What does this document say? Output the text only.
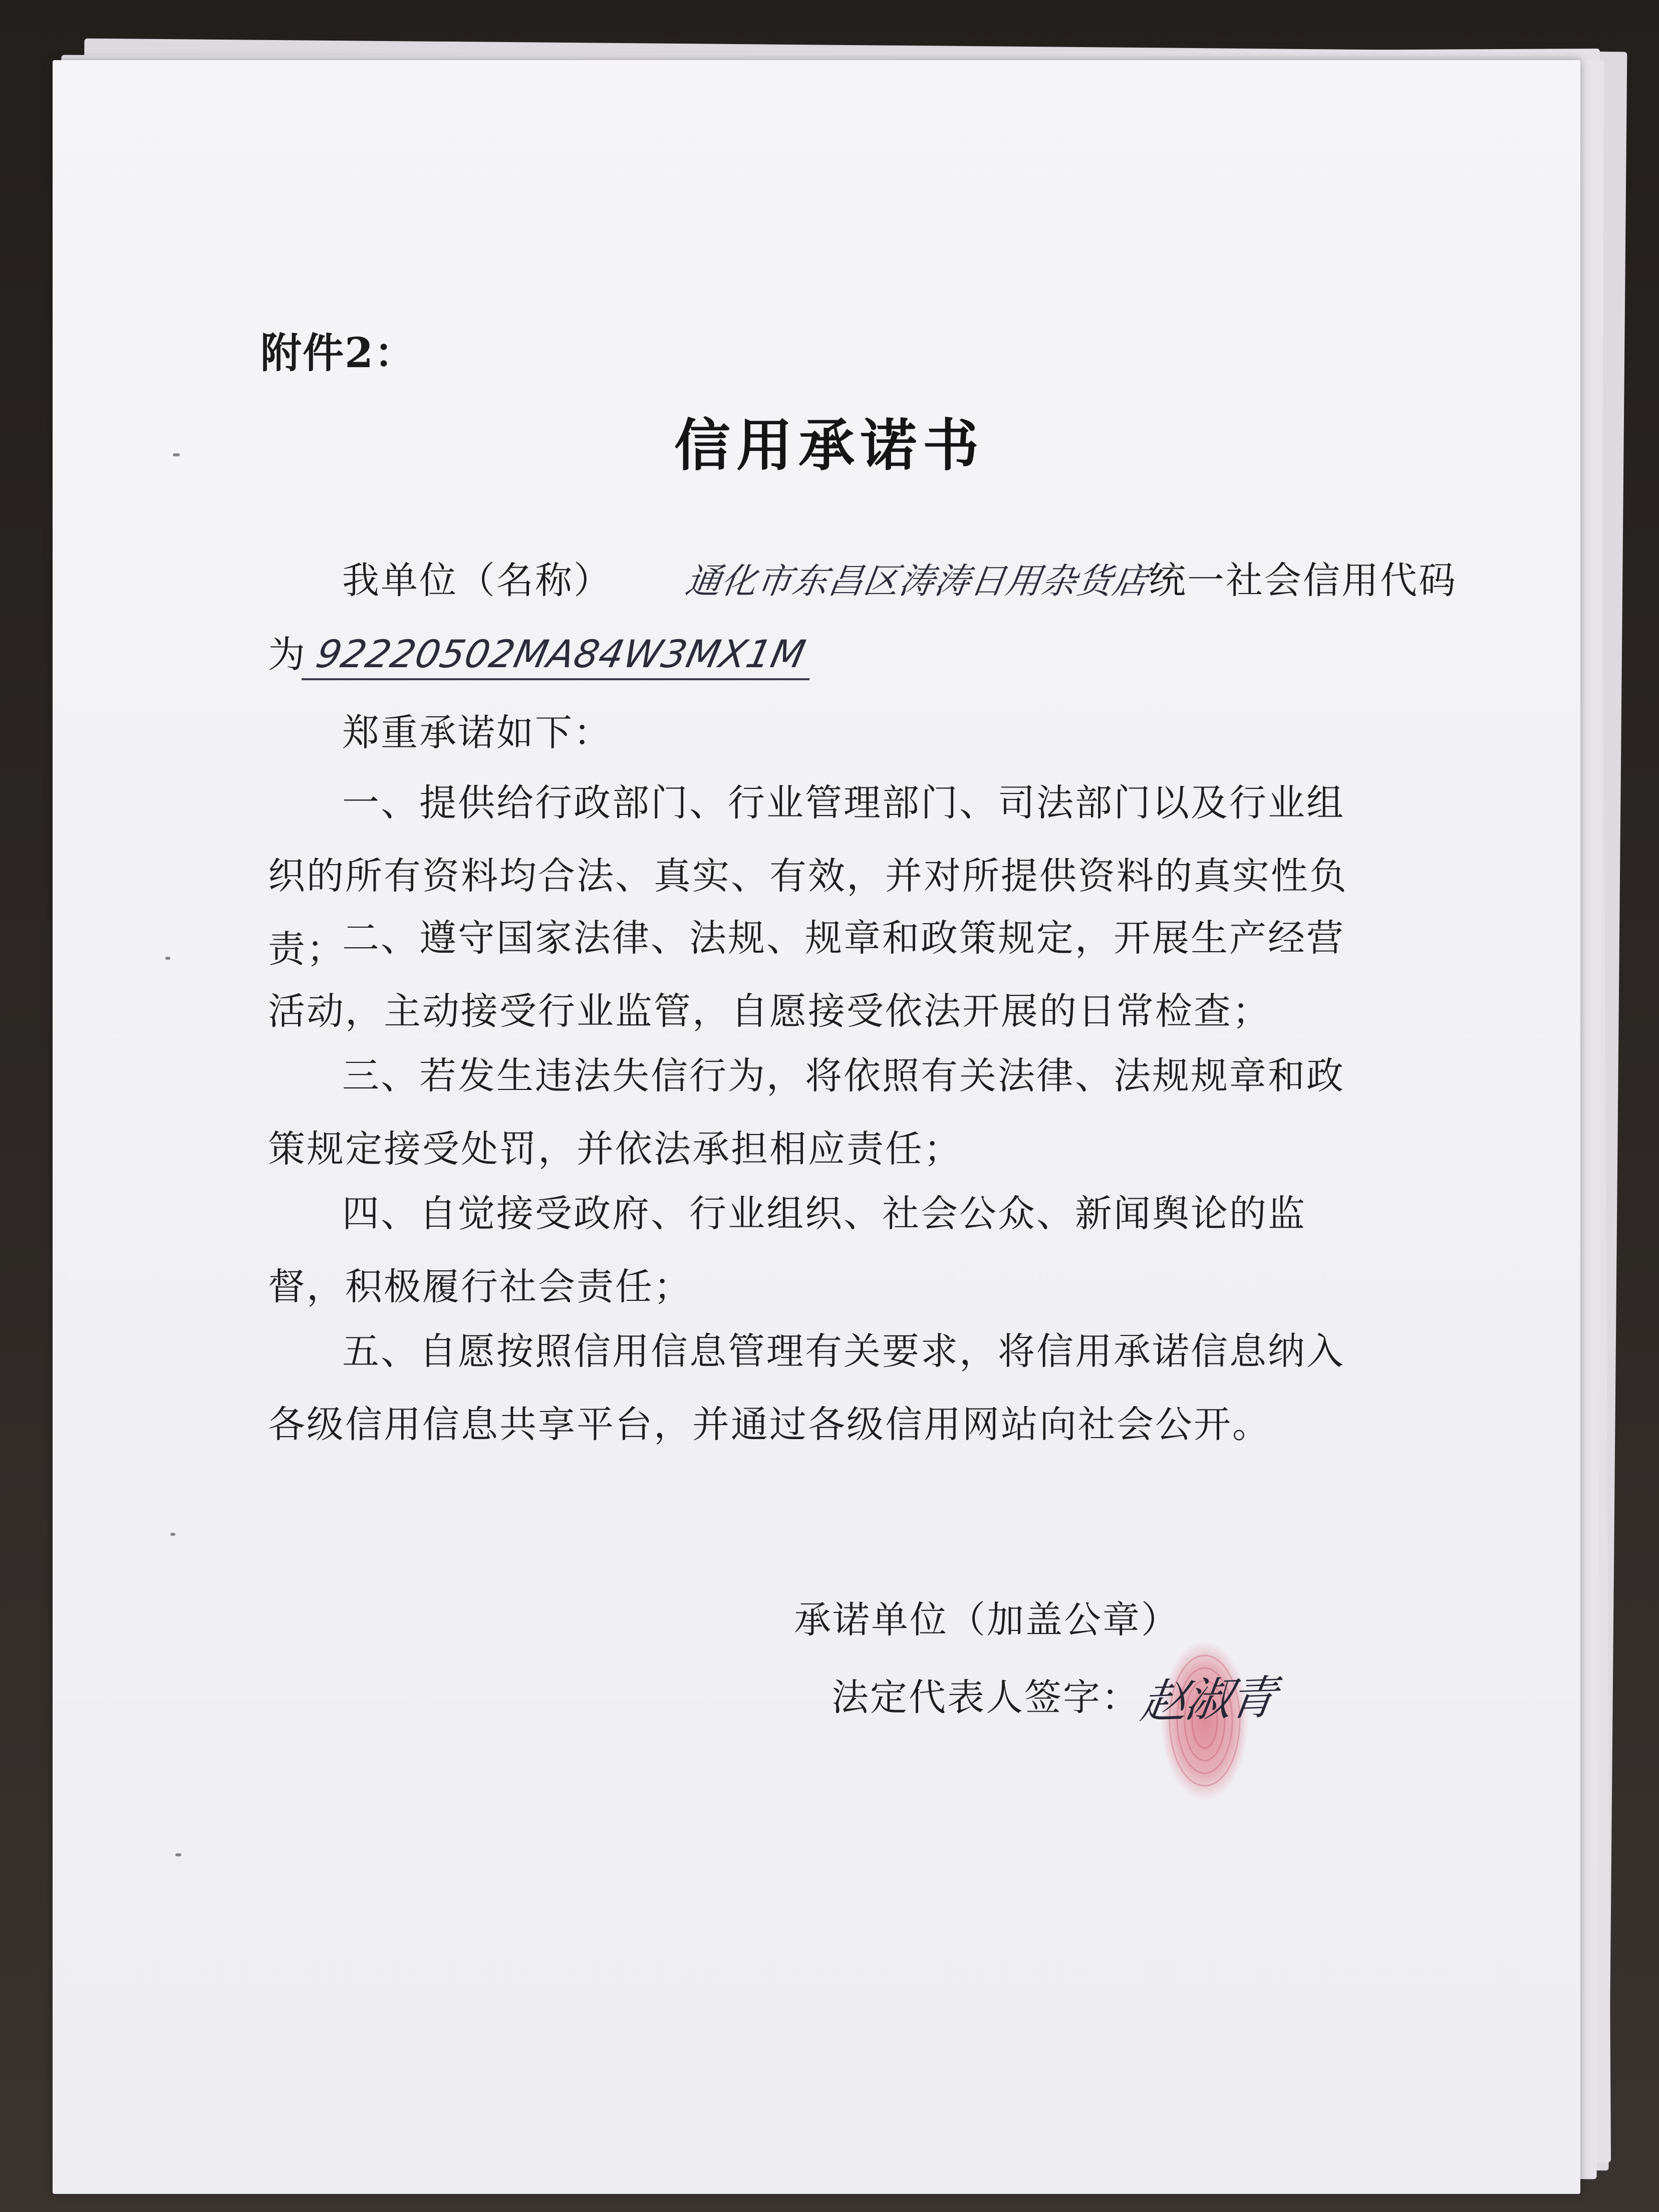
附件2：
信用承诺书
我单位（名称） 通化市东昌区涛涛日用杂货店统一社会信用代码
为 92220502MA84W3MX1M

郑重承诺如下：

一、提供给行政部门、行业管理部门、司法部门以及行业组织的所有资料均合法、真实、有效，并对所提供资料的真实性负责；

二、遵守国家法律、法规、规章和政策规定，开展生产经营活动，主动接受行业监管，自愿接受依法开展的日常检查；

三、若发生违法失信行为，将依照有关法律、法规规章和政策规定接受处罚，并依法承担相应责任；

四、自觉接受政府、行业组织、社会公众、新闻舆论的监督，积极履行社会责任；

五、自愿按照信用信息管理有关要求，将信用承诺信息纳入各级信用信息共享平台，并通过各级信用网站向社会公开。

承诺单位（加盖公章）
法定代表人签字：
赵淑青
